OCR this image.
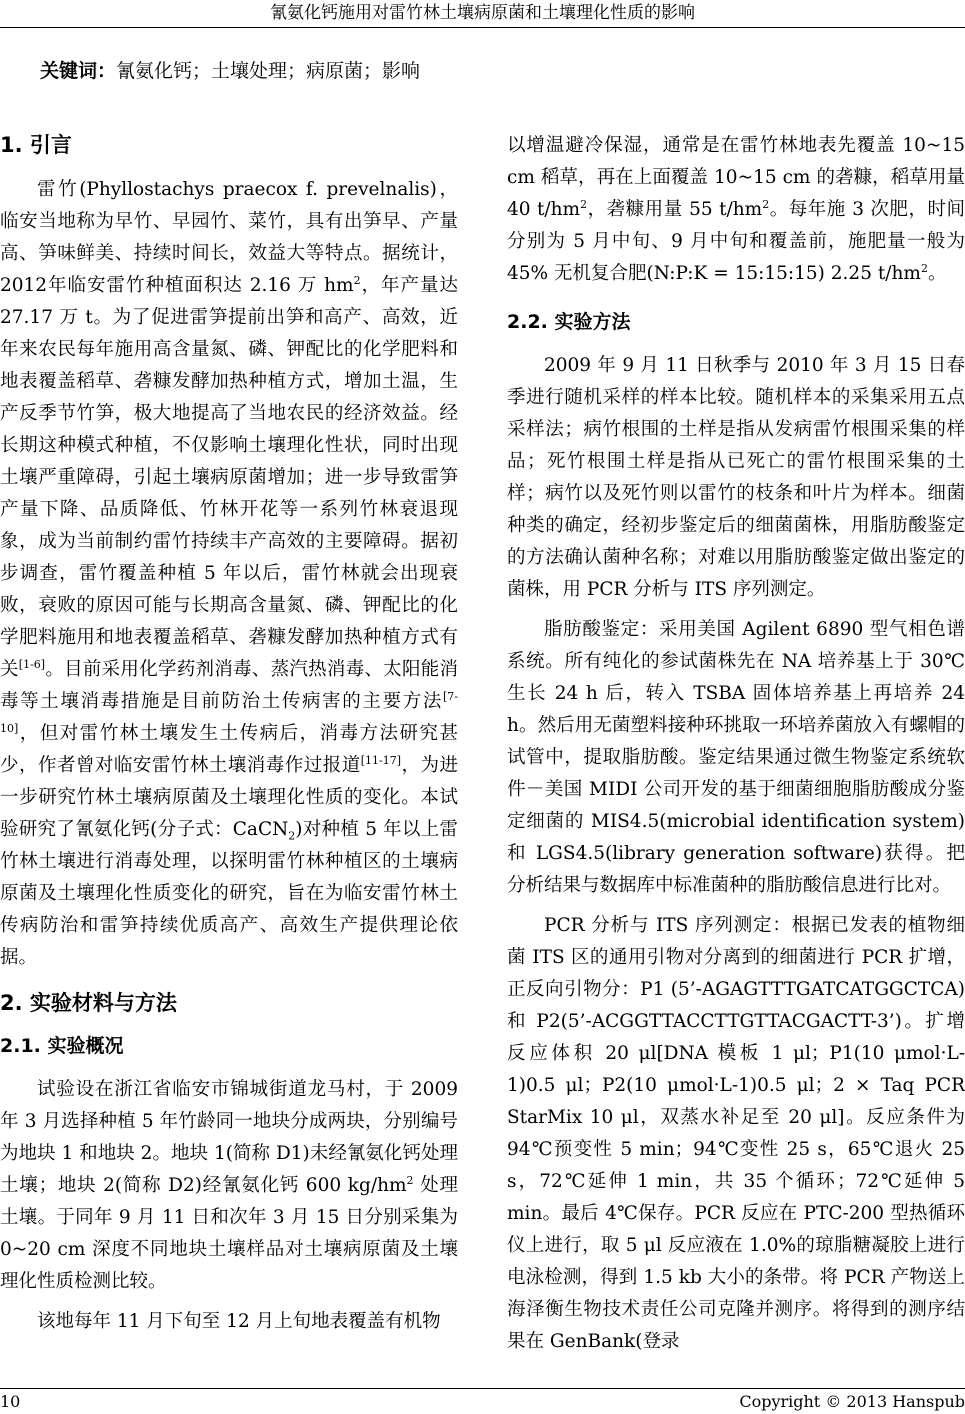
氰氨化钙施用对雷竹林土壤病原菌和土壤理化性质的影响
关键词：氰氨化钙；土壤处理；病原菌；影响
1. 引言

雷竹(Phyllostachys praecox f. prevelnalis)，临安当地称为早竹、早园竹、菜竹，具有出笋早、产量高、笋味鲜美、持续时间长，效益大等特点。据统计，2012年临安雷竹种植面积达 2.16 万 $hm^2$，年产量达 27.17 万 t。为了促进雷笋提前出笋和高产、高效，近年来农民每年施用高含量氮、磷、钾配比的化学肥料和地表覆盖稻草、砻糠发酵加热种植方式，增加土温，生产反季节竹笋，极大地提高了当地农民的经济效益。经长期这种模式种植，不仅影响土壤理化性状，同时出现土壤严重障碍，引起土壤病原菌增加；进一步导致雷笋产量下降、品质降低、竹林开花等一系列竹林衰退现象，成为当前制约雷竹持续丰产高效的主要障碍。据初步调查，雷竹覆盖种植 5 年以后，雷竹林就会出现衰败，衰败的原因可能与长期高含量氮、磷、钾配比的化学肥料施用和地表覆盖稻草、砻糠发酵加热种植方式有关[1-6]。目前采用化学药剂消毒、蒸汽热消毒、太阳能消毒等土壤消毒措施是目前防治土传病害的主要方法[7-10]，但对雷竹林土壤发生土传病后，消毒方法研究甚少，作者曾对临安雷竹林土壤消毒作过报道[11-17]，为进一步研究竹林土壤病原菌及土壤理化性质的变化。本试验研究了氰氨化钙(分子式：CaCN$_2$)对种植 5 年以上雷竹林土壤进行消毒处理，以探明雷竹林种植区的土壤病原菌及土壤理化性质变化的研究，旨在为临安雷竹林土传病防治和雷笋持续优质高产、高效生产提供理论依据。

2. 实验材料与方法
2.1. 实验概况

试验设在浙江省临安市锦城街道龙马村，于 2009 年 3 月选择种植 5 年竹龄同一地块分成两块，分别编号为地块 1 和地块 2。地块 1(简称 D1)未经氰氨化钙处理土壤；地块 2(简称 D2)经氰氨化钙 600 $kg/hm^2$ 处理土壤。于同年 9 月 11 日和次年 3 月 15 日分别采集为 0~20 cm 深度不同地块土壤样品对土壤病原菌及土壤理化性质检测比较。

该地每年 11 月下旬至 12 月上旬地表覆盖有机物

以增温避冷保湿，通常是在雷竹林地表先覆盖 10~15 cm 稻草，再在上面覆盖 10~15 cm 的砻糠，稻草用量 40 $t/hm^2$，砻糠用量 55 $t/hm^2$。每年施 3 次肥，时间分别为 5 月中旬、9 月中旬和覆盖前，施肥量一般为 45% 无机复合肥(N:P:K = 15:15:15) 2.25 $t/hm^2$。

2.2. 实验方法

2009 年 9 月 11 日秋季与 2010 年 3 月 15 日春季进行随机采样的样本比较。随机样本的采集采用五点采样法；病竹根围的土样是指从发病雷竹根围采集的样品；死竹根围土样是指从已死亡的雷竹根围采集的土样；病竹以及死竹则以雷竹的枝条和叶片为样本。细菌种类的确定，经初步鉴定后的细菌菌株，用脂肪酸鉴定的方法确认菌种名称；对难以用脂肪酸鉴定做出鉴定的菌株，用 PCR 分析与 ITS 序列测定。

脂肪酸鉴定：采用美国 Agilent 6890 型气相色谱系统。所有纯化的参试菌株先在 NA 培养基上于 30℃生长 24 h 后，转入 TSBA 固体培养基上再培养 24 h。然后用无菌塑料接种环挑取一环培养菌放入有螺帽的试管中，提取脂肪酸。鉴定结果通过微生物鉴定系统软件－美国 MIDI 公司开发的基于细菌细胞脂肪酸成分鉴定细菌的 MIS4.5(microbial identification system)和 LGS4.5(library generation software)获得。把分析结果与数据库中标准菌种的脂肪酸信息进行比对。

PCR 分析与 ITS 序列测定：根据已发表的植物细菌 ITS 区的通用引物对分离到的细菌进行 PCR 扩增，正反向引物分：P1 (5’-AGAGTTTGATCATGGCTCA) 和 P2(5’-ACGGTTACCTTGTTACGACTT-3’)。扩增反应体积 20 μl[DNA 模板 1 μl；P1(10 μmol·L-1)0.5 μl；P2(10 μmol·L-1)0.5 μl；2 × Taq PCR StarMix 10 μl，双蒸水补足至 20 μl]。反应条件为 94℃预变性 5 min；94℃变性 25 s，65℃退火 25 s，72℃延伸 1 min，共 35 个循环；72℃延伸 5 min。最后 4℃保存。PCR 反应在 PTC-200 型热循环仪上进行，取 5 μl 反应液在 1.0%的琼脂糖凝胶上进行电泳检测，得到 1.5 kb 大小的条带。将 PCR 产物送上海泽衡生物技术责任公司克隆并测序。将得到的测序结果在 GenBank(登录

10	Copyright © 2013 Hanspub
